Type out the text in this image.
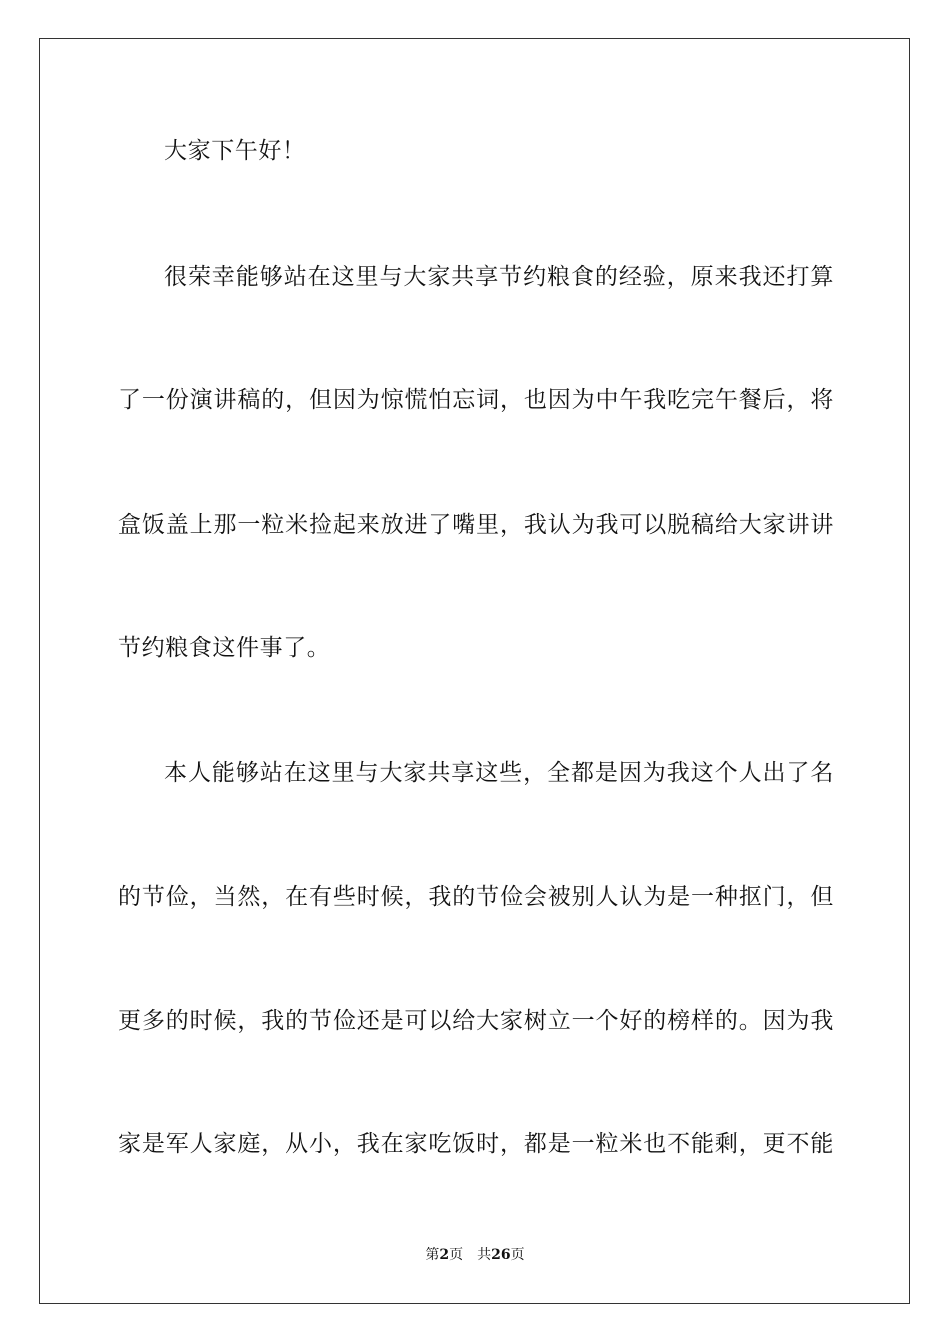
大家下午好！
很荣幸能够站在这里与大家共享节约粮食的经验，原来我还打算
了一份演讲稿的，但因为惊慌怕忘词，也因为中午我吃完午餐后，将
盒饭盖上那一粒米捡起来放进了嘴里，我认为我可以脱稿给大家讲讲
节约粮食这件事了。
本人能够站在这里与大家共享这些，全都是因为我这个人出了名
的节俭，当然，在有些时候，我的节俭会被别人认为是一种抠门，但
更多的时候，我的节俭还是可以给大家树立一个好的榜样的。因为我
家是军人家庭，从小，我在家吃饭时，都是一粒米也不能剩，更不能
第2页 共26页
